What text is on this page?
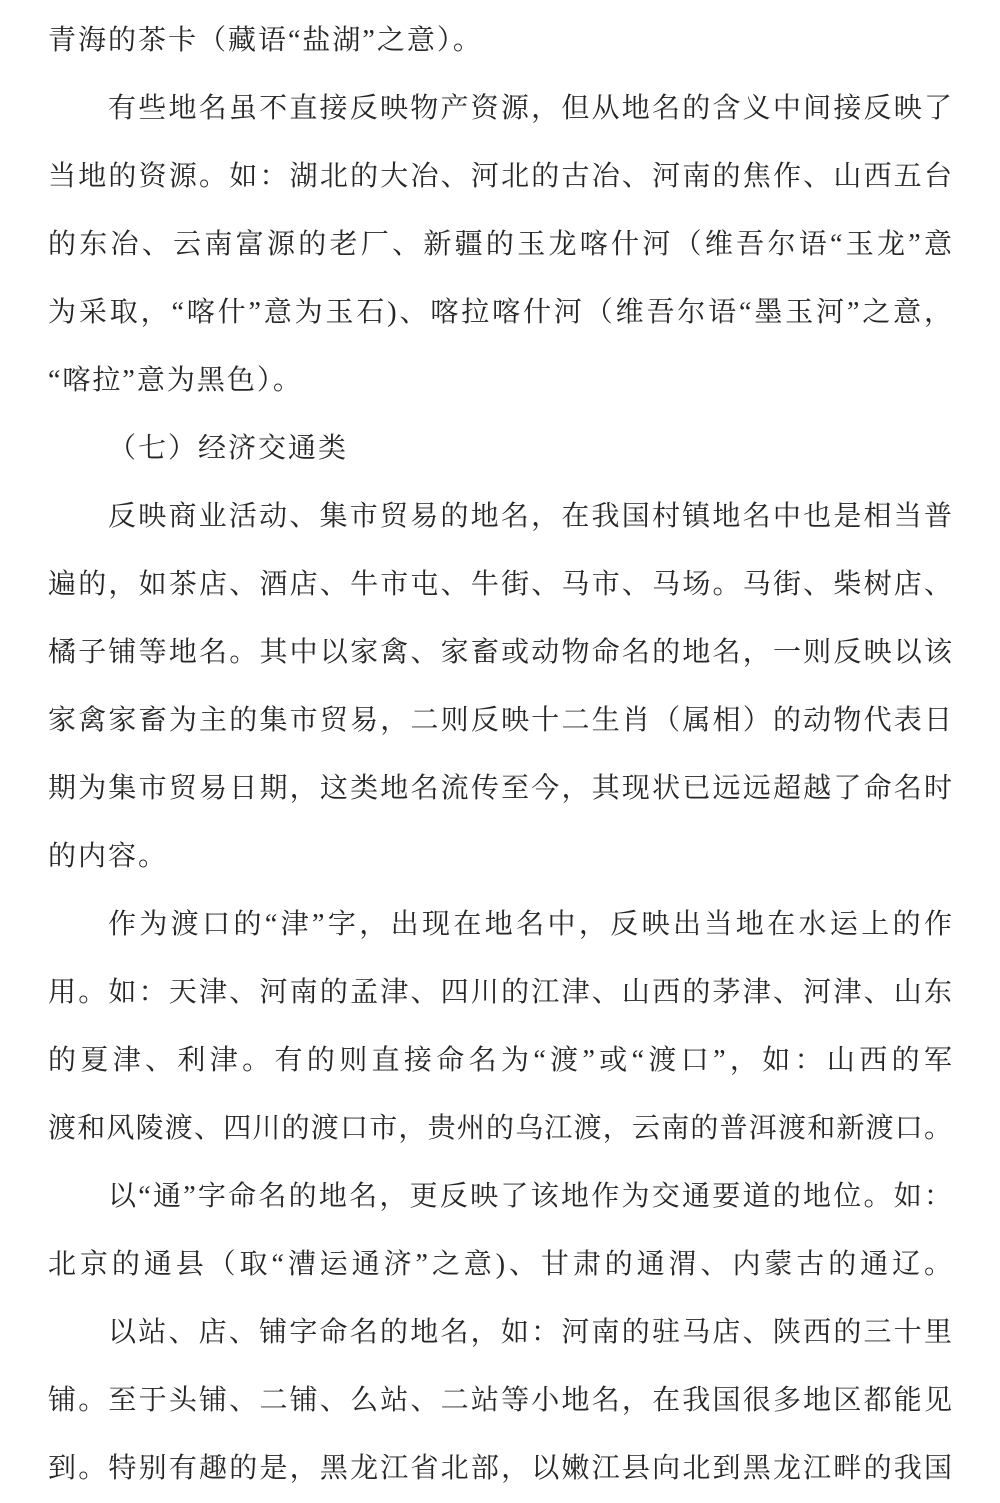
青海的茶卡（藏语“盐湖”之意）。
有些地名虽不直接反映物产资源，但从地名的含义中间接反映了
当地的资源。如：湖北的大冶、河北的古冶、河南的焦作、山西五台
的东冶、云南富源的老厂、新疆的玉龙喀什河（维吾尔语“玉龙”意
为采取，“喀什”意为玉石)、喀拉喀什河（维吾尔语“墨玉河”之意，
“喀拉”意为黑色）。
（七）经济交通类
反映商业活动、集市贸易的地名，在我国村镇地名中也是相当普
遍的，如茶店、酒店、牛市屯、牛街、马市、马场。马街、柴树店、
橘子铺等地名。其中以家禽、家畜或动物命名的地名，一则反映以该
家禽家畜为主的集市贸易，二则反映十二生肖（属相）的动物代表日
期为集市贸易日期，这类地名流传至今，其现状已远远超越了命名时
的内容。
作为渡口的“津”字，出现在地名中，反映出当地在水运上的作
用。如：天津、河南的孟津、四川的江津、山西的茅津、河津、山东
的夏津、利津。有的则直接命名为“渡”或“渡口”，如：山西的军
渡和风陵渡、四川的渡口市，贵州的乌江渡，云南的普洱渡和新渡口。
以“通”字命名的地名，更反映了该地作为交通要道的地位。如：
北京的通县（取“漕运通济”之意)、甘肃的通渭、内蒙古的通辽。
以站、店、铺字命名的地名，如：河南的驻马店、陕西的三十里
铺。至于头铺、二铺、么站、二站等小地名，在我国很多地区都能见
到。特别有趣的是，黑龙江省北部，以嫩江县向北到黑龙江畔的我国
